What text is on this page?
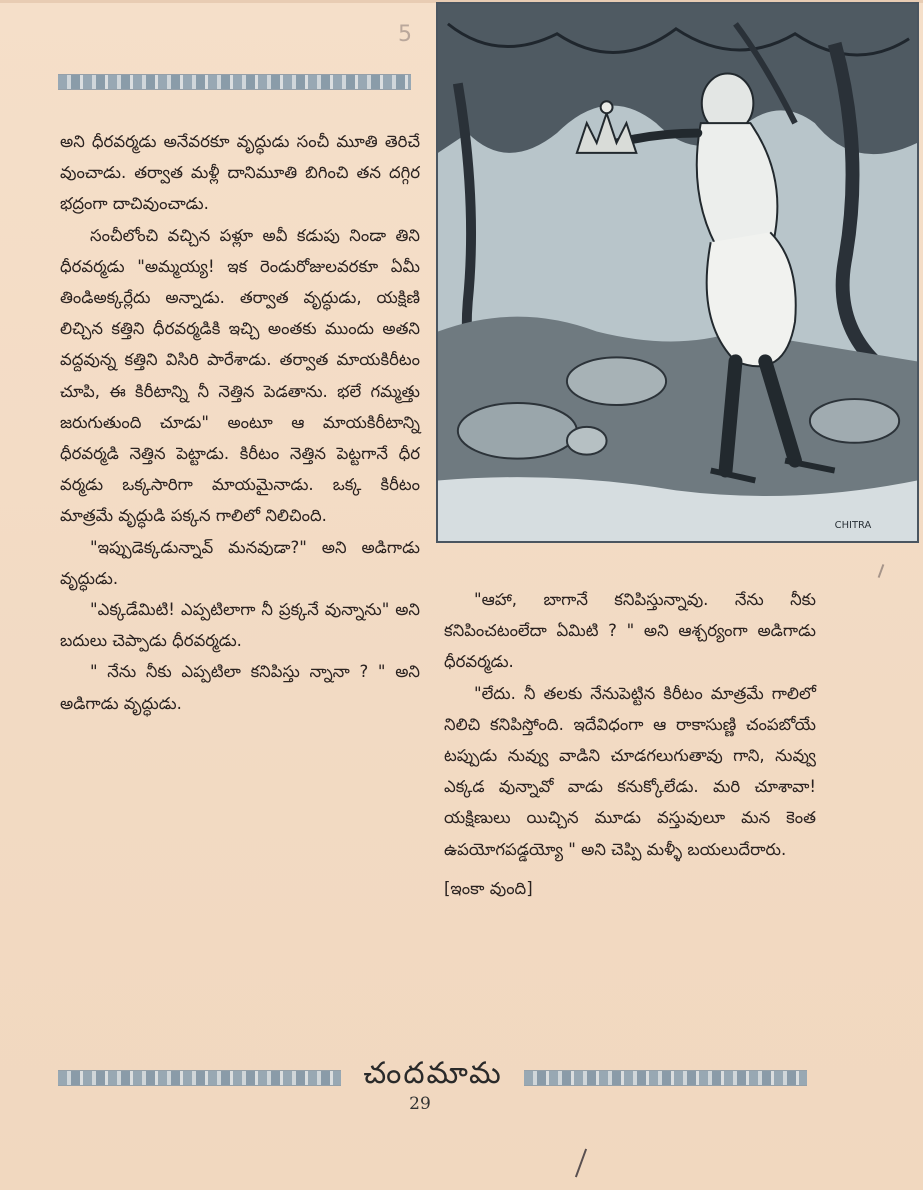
5

అని ధీరవర్మడు అనేవరకూ వృద్ధుడు సంచీ మూతి తెరిచే వుంచాడు. తర్వాత మళ్లీ దానిమూతి బిగించి తన దగ్గిర భద్రంగా దాచివుంచాడు.

సంచీలోంచి వచ్చిన పళ్లూ అవీ కడుపు నిండా తిని ధీరవర్మడు "అమ్మయ్య! ఇక రెండురోజులవరకూ ఏమీ తిండిఅక్కర్లేదు అన్నాడు. తర్వాత వృద్ధుడు, యక్షిణి లిచ్చిన కత్తిని ధీరవర్మడికి ఇచ్చి అంతకు ముందు అతని వద్దవున్న కత్తిని విసిరి పారేశాడు. తర్వాత మాయకిరీటం చూపి, ఈ కిరీటాన్ని నీ నెత్తిన పెడతాను. భలే గమ్మత్తు జరుగుతుంది చూడు" అంటూ ఆ మాయకిరీటాన్ని ధీరవర్మడి నెత్తిన పెట్టాడు. కిరీటం నెత్తిన పెట్టగానే ధీర వర్మడు ఒక్కసారిగా మాయమైనాడు. ఒక్క కిరీటం మాత్రమే వృద్ధుడి పక్కన గాలిలో నిలిచింది.

"ఇప్పుడెక్కడున్నావ్ మనవుడా?" అని అడిగాడు వృద్ధుడు.

"ఎక్కడేమిటి! ఎప్పటిలాగా నీ ప్రక్కనే వున్నాను" అని బదులు చెప్పాడు ధీరవర్మడు.

" నేను నీకు ఎప్పటిలా కనిపిస్తు న్నానా ? " అని అడిగాడు వృద్ధుడు.

CHITRA

"ఆహా, బాగానే కనిపిస్తున్నావు. నేను నీకు కనిపించటంలేదా ఏమిటి ? " అని ఆశ్చర్యంగా అడిగాడు ధీరవర్మడు.

"లేదు. నీ తలకు నేనుపెట్టిన కిరీటం మాత్రమే గాలిలో నిలిచి కనిపిస్తోంది. ఇదేవిధంగా ఆ రాకాసుణ్ణి చంపబోయే టప్పుడు నువ్వు వాడిని చూడగలుగుతావు గాని, నువ్వు ఎక్కడ వున్నావో వాడు కనుక్కోలేడు. మరి చూశావా! యక్షిణులు యిచ్చిన మూడు వస్తువులూ మన కెంత ఉపయోగపడ్డయ్యో " అని చెప్పి మళ్ళీ బయలుదేరారు.

[ఇంకా వుంది]

చందమామ
29
